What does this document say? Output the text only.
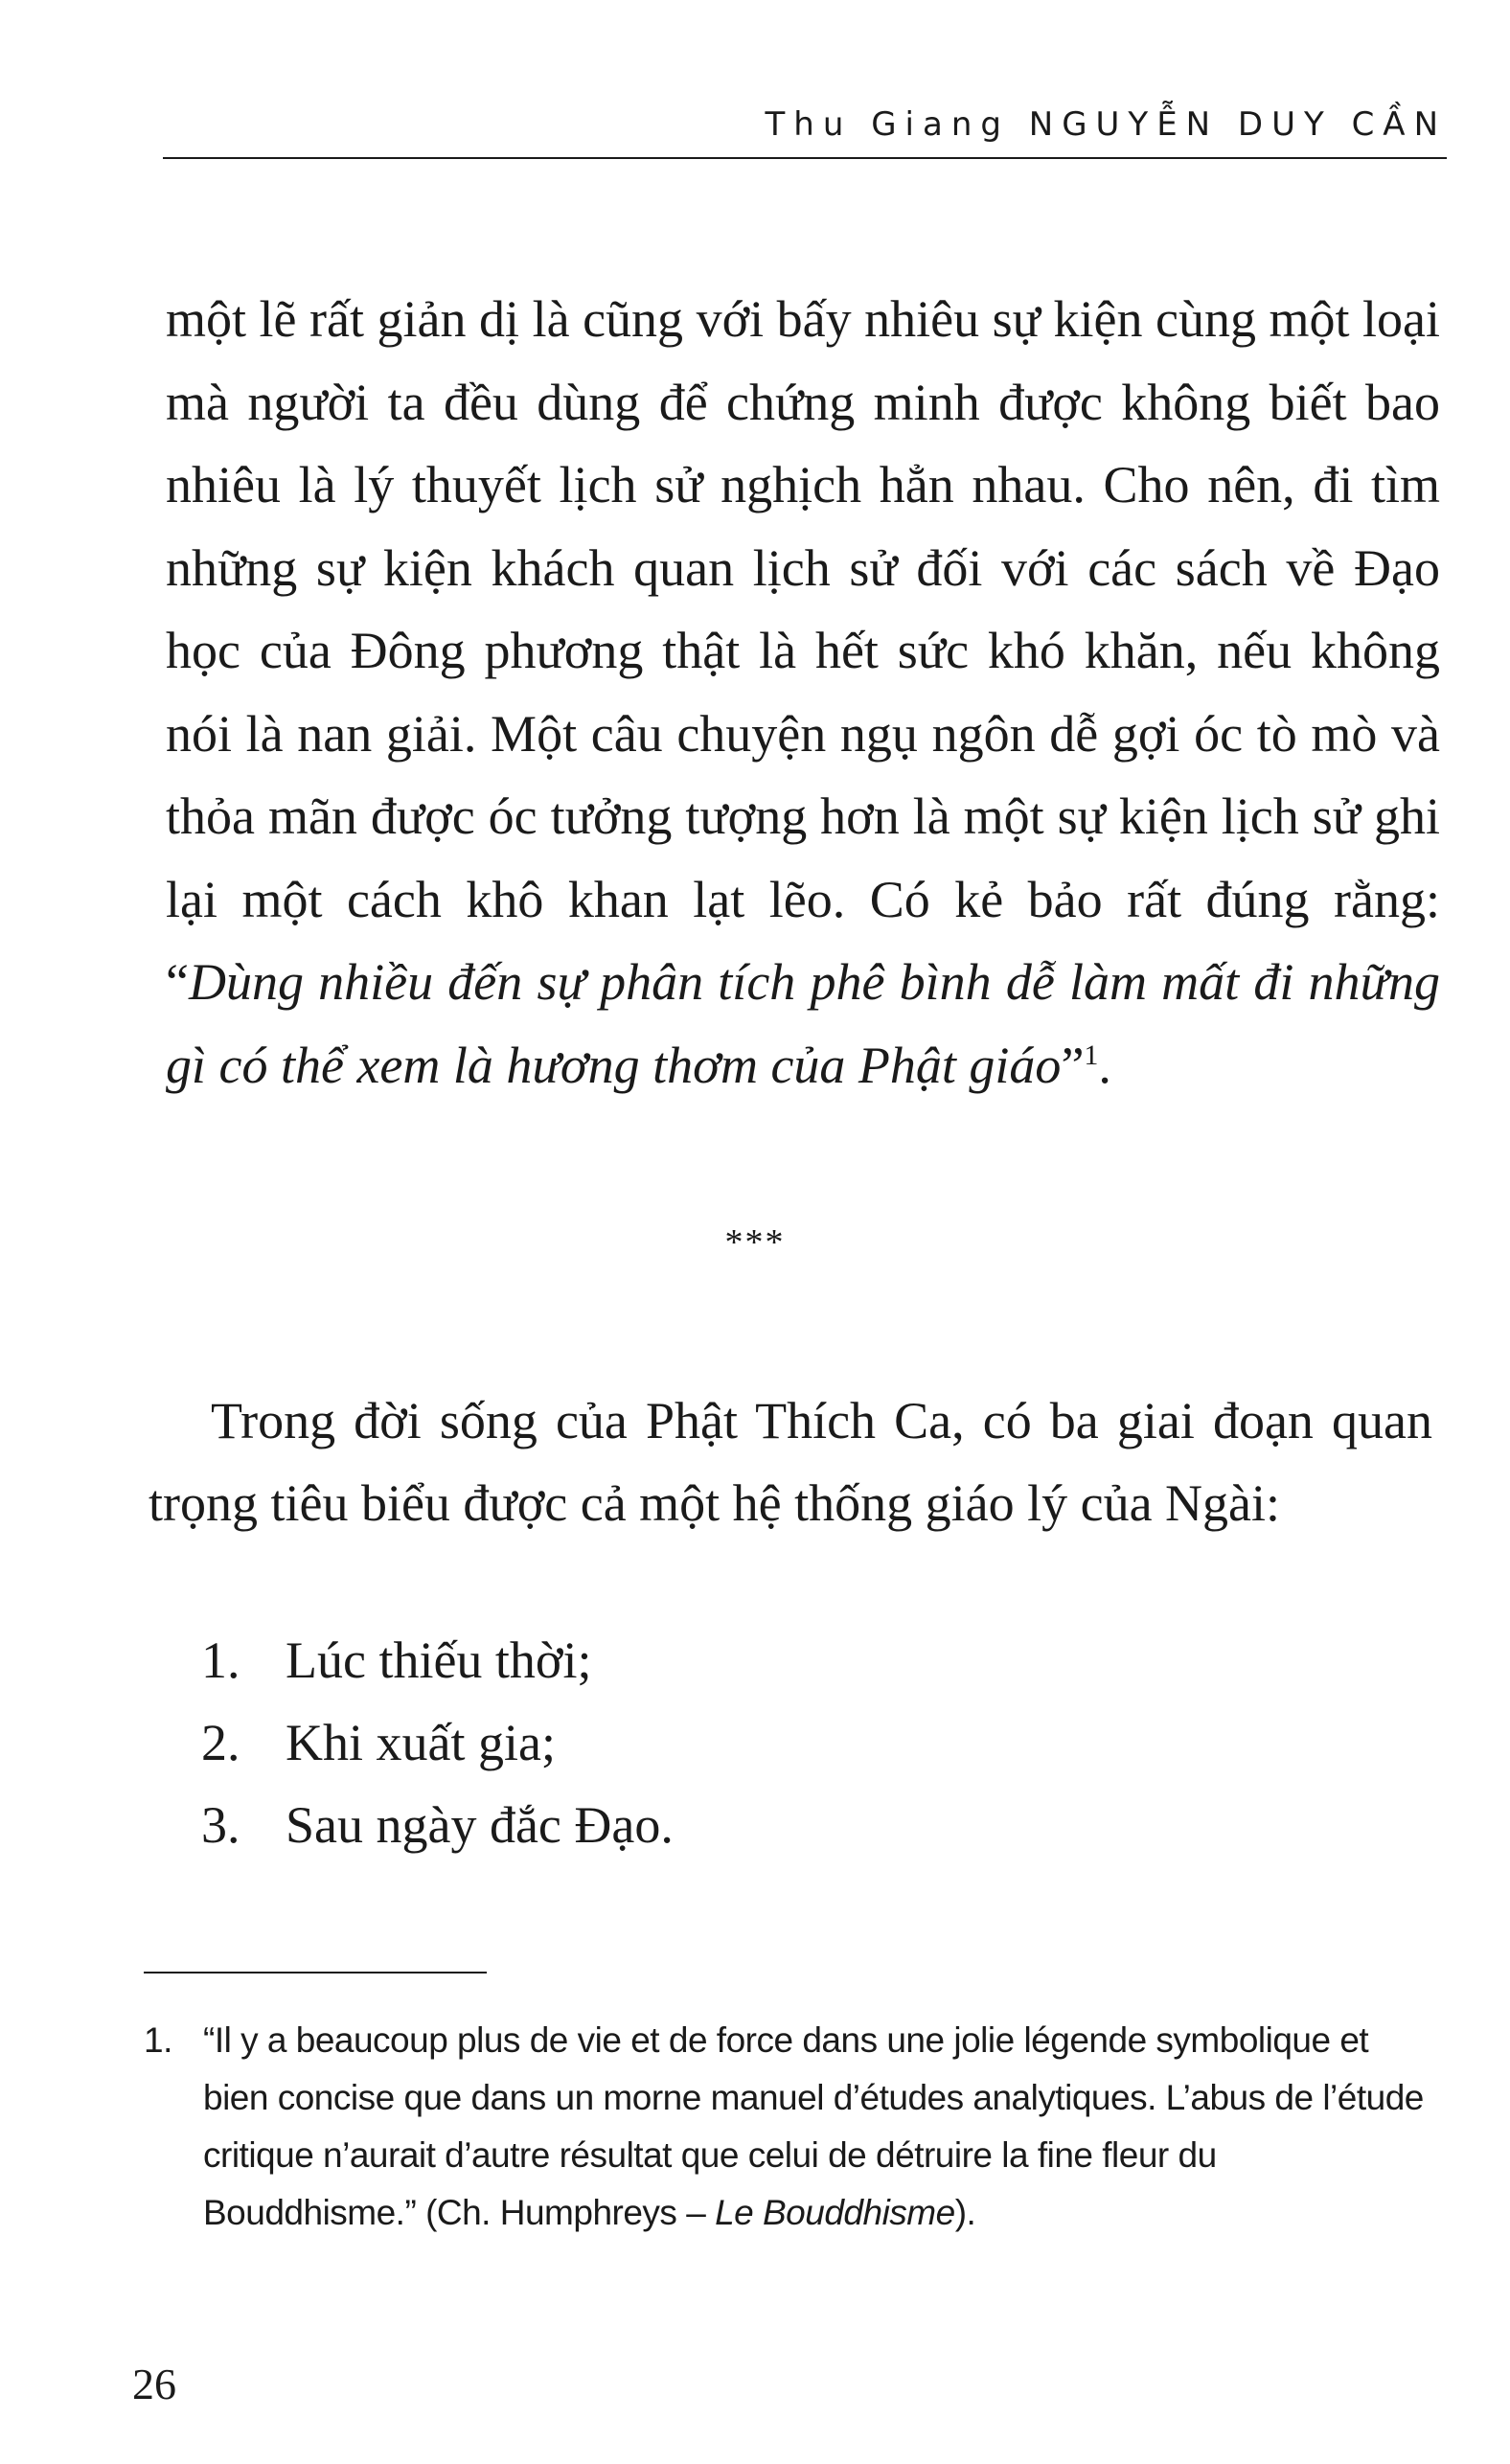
Thu Giang NGUYỄN DUY CẦN

một lẽ rất giản dị là cũng với bấy nhiêu sự kiện cùng một loại mà người ta đều dùng để chứng minh được không biết bao nhiêu là lý thuyết lịch sử nghịch hẳn nhau. Cho nên, đi tìm những sự kiện khách quan lịch sử đối với các sách về Đạo học của Đông phương thật là hết sức khó khăn, nếu không nói là nan giải. Một câu chuyện ngụ ngôn dễ gợi óc tò mò và thỏa mãn được óc tưởng tượng hơn là một sự kiện lịch sử ghi lại một cách khô khan lạt lẽo. Có kẻ bảo rất đúng rằng: “Dùng nhiều đến sự phân tích phê bình dễ làm mất đi những gì có thể xem là hương thơm của Phật giáo”$^1$.

***

Trong đời sống của Phật Thích Ca, có ba giai đoạn quan trọng tiêu biểu được cả một hệ thống giáo lý của Ngài:

1. Lúc thiếu thời;
2. Khi xuất gia;
3. Sau ngày đắc Đạo.
1. “Il y a beaucoup plus de vie et de force dans une jolie légende symbolique et bien concise que dans un morne manuel d’études analytiques. L’abus de l’étude critique n’aurait d’autre résultat que celui de détruire la fine fleur du Bouddhisme.” (Ch. Humphreys – Le Bouddhisme).
26
